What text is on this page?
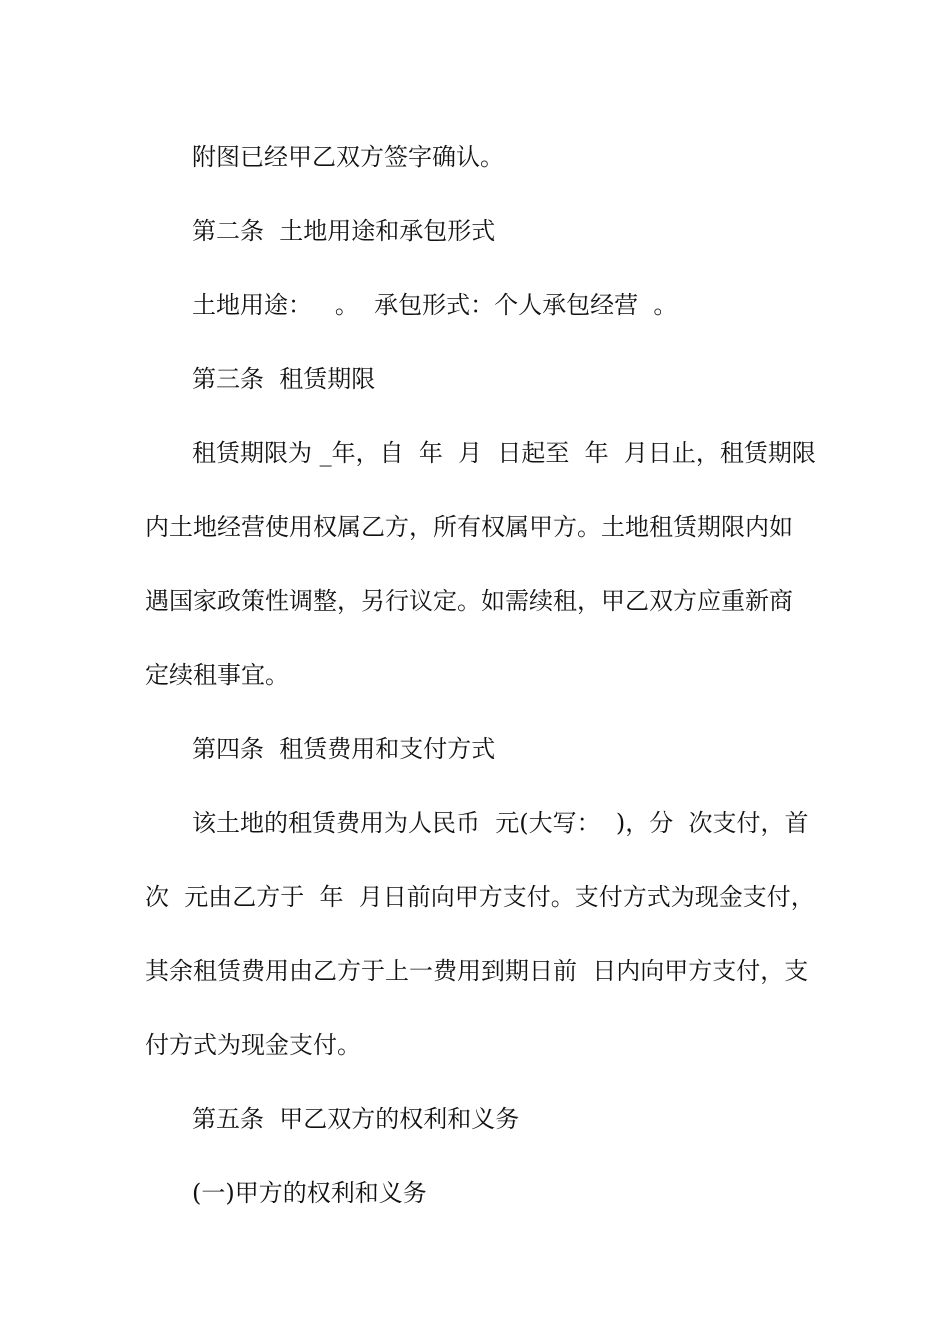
附图已经甲乙双方签字确认。
第二条  土地用途和承包形式
土地用途：   。  承包形式：个人承包经营  。
第三条  租赁期限
租赁期限为 _年，自  年  月  日起至  年  月日止，租赁期限
内土地经营使用权属乙方，所有权属甲方。土地租赁期限内如
遇国家政策性调整，另行议定。如需续租，甲乙双方应重新商
定续租事宜。
第四条  租赁费用和支付方式
该土地的租赁费用为人民币  元(大写：  )，分  次支付，首
次  元由乙方于  年  月日前向甲方支付。支付方式为现金支付，
其余租赁费用由乙方于上一费用到期日前  日内向甲方支付，支
付方式为现金支付。
第五条  甲乙双方的权利和义务
(一)甲方的权利和义务
